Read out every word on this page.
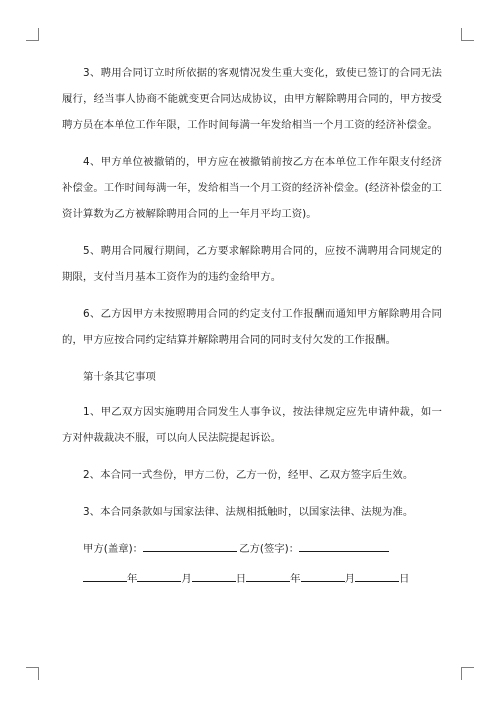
3、聘用合同订立时所依据的客观情况发生重大变化，致使已签订的合同无法履行，经当事人协商不能就变更合同达成协议，由甲方解除聘用合同的，甲方按受聘方员在本单位工作年限，工作时间每满一年发给相当一个月工资的经济补偿金。

4、甲方单位被撤销的，甲方应在被撤销前按乙方在本单位工作年限支付经济补偿金。工作时间每满一年，发给相当一个月工资的经济补偿金。(经济补偿金的工资计算数为乙方被解除聘用合同的上一年月平均工资)。

5、聘用合同履行期间，乙方要求解除聘用合同的，应按不满聘用合同规定的期限，支付当月基本工资作为的违约金给甲方。

6、乙方因甲方未按照聘用合同的约定支付工作报酬而通知甲方解除聘用合同的，甲方应按合同约定结算并解除聘用合同的同时支付欠发的工作报酬。

第十条其它事项

1、甲乙双方因实施聘用合同发生人事争议，按法律规定应先申请仲裁，如一方对仲裁裁决不服，可以向人民法院提起诉讼。

2、本合同一式叁份，甲方二份，乙方一份，经甲、乙双方签字后生效。

3、本合同条款如与国家法律、法规相抵触时，以国家法律、法规为准。

甲方(盖章)：	乙方(签字)：
年	月	日	年	月	日
